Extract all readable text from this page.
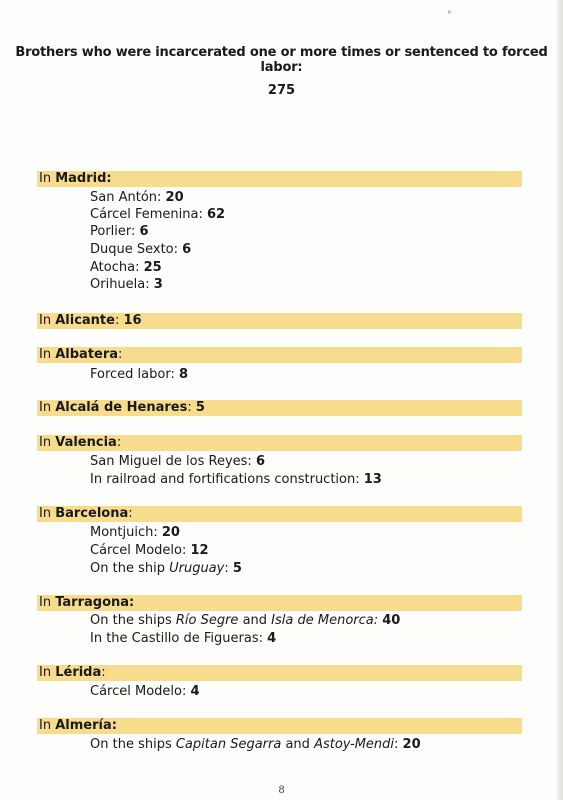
⸗
Brothers who were incarcerated one or more times or sentenced to forced labor:
275
In Madrid:
San Antón: 20
Cárcel Femenina: 62
Porlier: 6
Duque Sexto: 6
Atocha: 25
Orihuela: 3
In Alicante: 16
In Albatera:
Forced labor: 8
In Alcalá de Henares: 5
In Valencia:
San Miguel de los Reyes: 6
In railroad and fortifications construction: 13
In Barcelona:
Montjuich: 20
Cárcel Modelo: 12
On the ship Uruguay: 5
In Tarragona:
On the ships Río Segre and Isla de Menorca: 40
In the Castillo de Figueras: 4
In Lérida:
Cárcel Modelo: 4
In Almería:
On the ships Capitan Segarra and Astoy-Mendi: 20
8
